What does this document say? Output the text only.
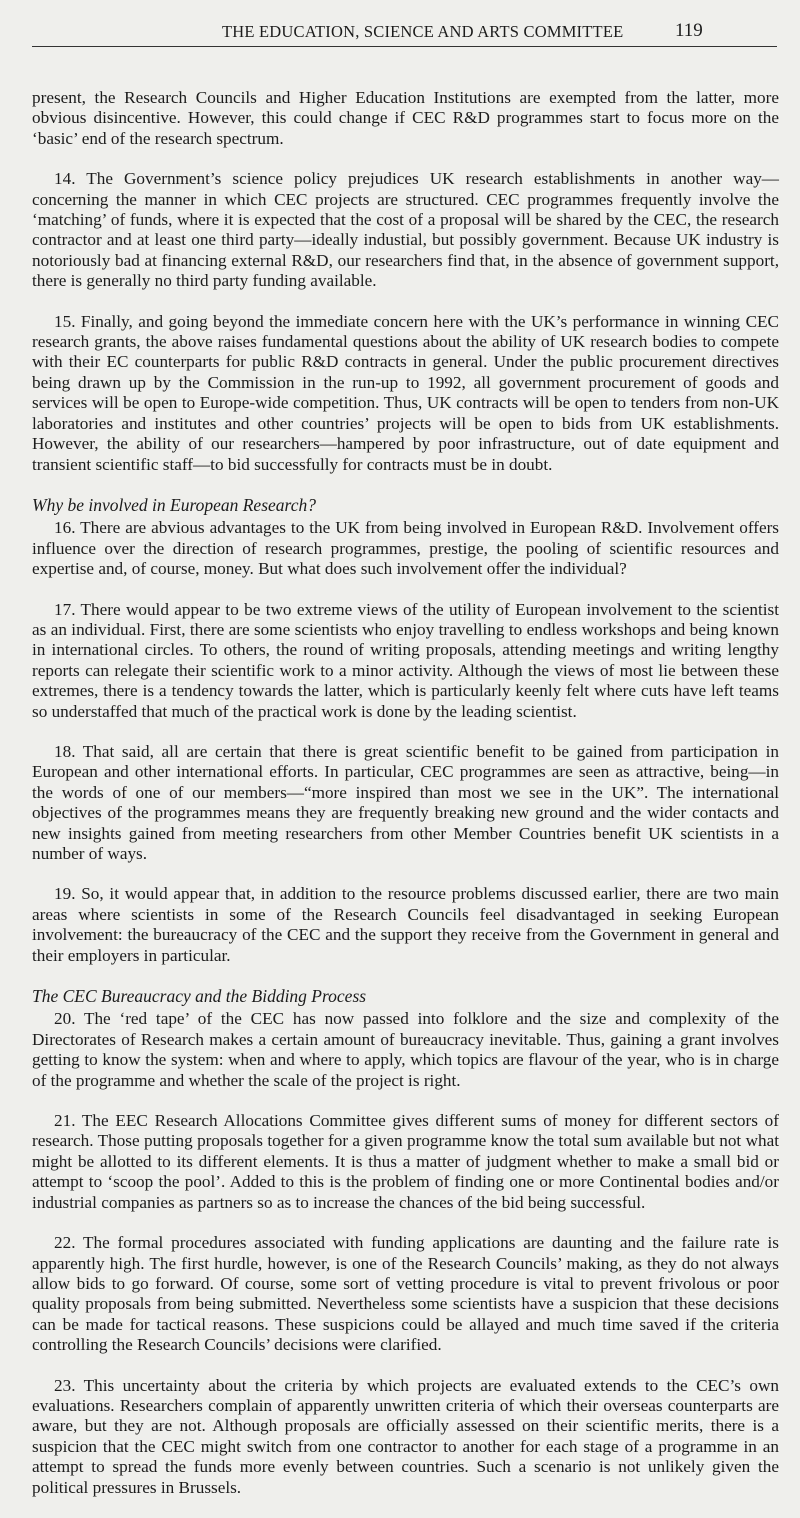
THE EDUCATION, SCIENCE AND ARTS COMMITTEE	119

present, the Research Councils and Higher Education Institutions are exempted from the latter, more obvious disincentive. However, this could change if CEC R&D programmes start to focus more on the ‘basic’ end of the research spectrum.

14. The Government’s science policy prejudices UK research establishments in another way—concerning the manner in which CEC projects are structured. CEC programmes frequently involve the ‘matching’ of funds, where it is expected that the cost of a proposal will be shared by the CEC, the research contractor and at least one third party—ideally industial, but possibly government. Because UK industry is notoriously bad at financing external R&D, our researchers find that, in the absence of government support, there is generally no third party funding available.

15. Finally, and going beyond the immediate concern here with the UK’s performance in winning CEC research grants, the above raises fundamental questions about the ability of UK research bodies to compete with their EC counterparts for public R&D contracts in general. Under the public procurement directives being drawn up by the Commission in the run-up to 1992, all government procurement of goods and services will be open to Europe-wide competition. Thus, UK contracts will be open to tenders from non-UK laboratories and institutes and other countries’ projects will be open to bids from UK establishments. However, the ability of our researchers—hampered by poor infrastructure, out of date equipment and transient scientific staff—to bid successfully for contracts must be in doubt.

Why be involved in European Research?

16. There are abvious advantages to the UK from being involved in European R&D. Involvement offers influence over the direction of research programmes, prestige, the pooling of scientific resources and expertise and, of course, money. But what does such involvement offer the individual?

17. There would appear to be two extreme views of the utility of European involvement to the scientist as an individual. First, there are some scientists who enjoy travelling to endless workshops and being known in international circles. To others, the round of writing proposals, attending meetings and writing lengthy reports can relegate their scientific work to a minor activity. Although the views of most lie between these extremes, there is a tendency towards the latter, which is particularly keenly felt where cuts have left teams so understaffed that much of the practical work is done by the leading scientist.

18. That said, all are certain that there is great scientific benefit to be gained from participation in European and other international efforts. In particular, CEC programmes are seen as attractive, being—in the words of one of our members—“more inspired than most we see in the UK”. The international objectives of the programmes means they are frequently breaking new ground and the wider contacts and new insights gained from meeting researchers from other Member Countries benefit UK scientists in a number of ways.

19. So, it would appear that, in addition to the resource problems discussed earlier, there are two main areas where scientists in some of the Research Councils feel disadvantaged in seeking European involvement: the bureaucracy of the CEC and the support they receive from the Government in general and their employers in particular.

The CEC Bureaucracy and the Bidding Process

20. The ‘red tape’ of the CEC has now passed into folklore and the size and complexity of the Directorates of Research makes a certain amount of bureaucracy inevitable. Thus, gaining a grant involves getting to know the system: when and where to apply, which topics are flavour of the year, who is in charge of the programme and whether the scale of the project is right.

21. The EEC Research Allocations Committee gives different sums of money for different sectors of research. Those putting proposals together for a given programme know the total sum available but not what might be allotted to its different elements. It is thus a matter of judgment whether to make a small bid or attempt to ‘scoop the pool’. Added to this is the problem of finding one or more Continental bodies and/or industrial companies as partners so as to increase the chances of the bid being successful.

22. The formal procedures associated with funding applications are daunting and the failure rate is apparently high. The first hurdle, however, is one of the Research Councils’ making, as they do not always allow bids to go forward. Of course, some sort of vetting procedure is vital to prevent frivolous or poor quality proposals from being submitted. Nevertheless some scientists have a suspicion that these decisions can be made for tactical reasons. These suspicions could be allayed and much time saved if the criteria controlling the Research Councils’ decisions were clarified.

23. This uncertainty about the criteria by which projects are evaluated extends to the CEC’s own evaluations. Researchers complain of apparently unwritten criteria of which their overseas counterparts are aware, but they are not. Although proposals are officially assessed on their scientific merits, there is a suspicion that the CEC might switch from one contractor to another for each stage of a programme in an attempt to spread the funds more evenly between countries. Such a scenario is not unlikely given the political pressures in Brussels.
